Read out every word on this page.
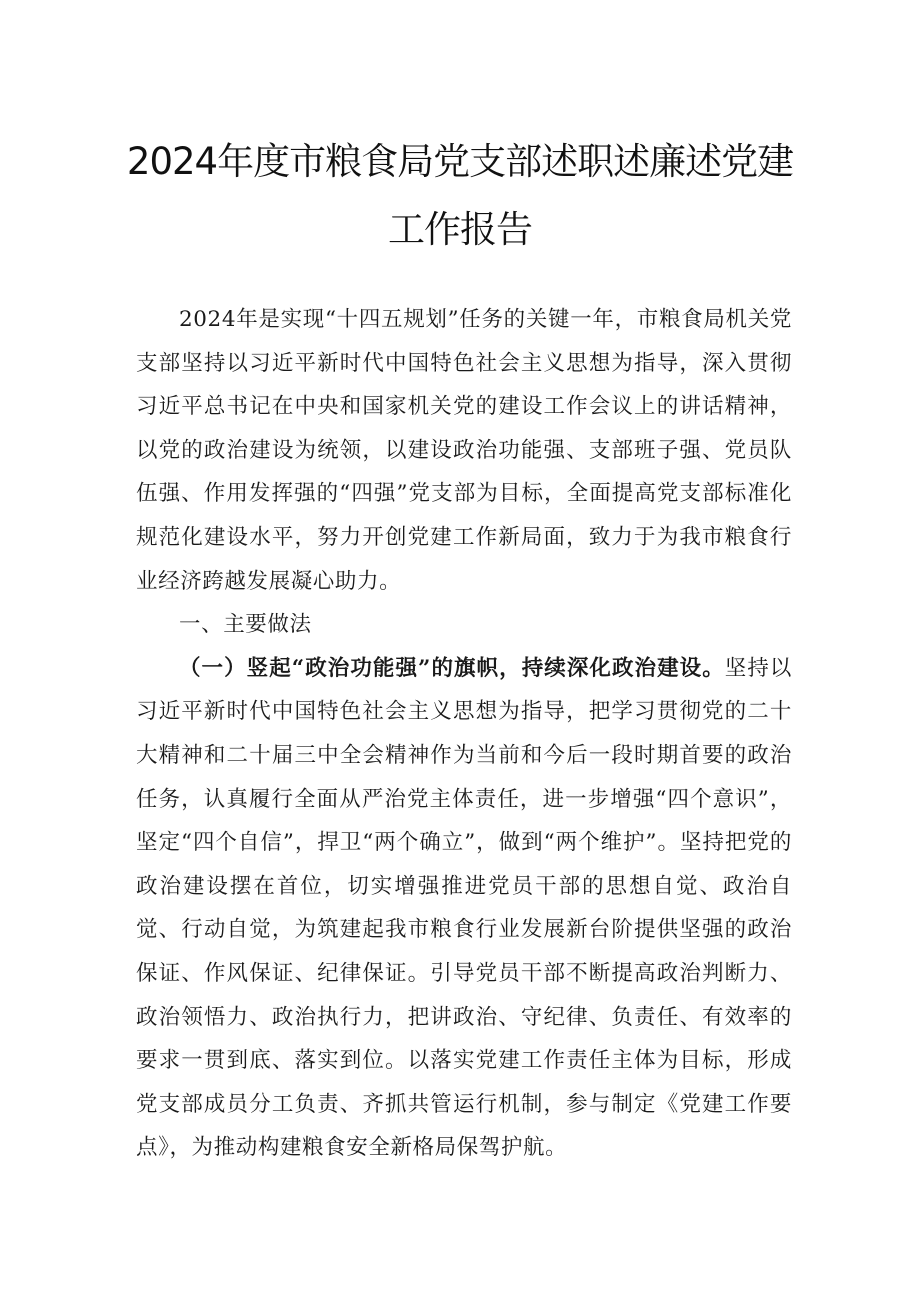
2024年度市粮食局党支部述职述廉述党建
工作报告

2024年是实现“十四五规划”任务的关键一年，市粮食局机关党支部坚持以习近平新时代中国特色社会主义思想为指导，深入贯彻习近平总书记在中央和国家机关党的建设工作会议上的讲话精神，以党的政治建设为统领，以建设政治功能强、支部班子强、党员队伍强、作用发挥强的“四强”党支部为目标，全面提高党支部标准化规范化建设水平，努力开创党建工作新局面，致力于为我市粮食行业经济跨越发展凝心助力。

一、主要做法

（一）竖起“政治功能强”的旗帜，持续深化政治建设。坚持以习近平新时代中国特色社会主义思想为指导，把学习贯彻党的二十大精神和二十届三中全会精神作为当前和今后一段时期首要的政治任务，认真履行全面从严治党主体责任，进一步增强“四个意识”，坚定“四个自信”，捍卫“两个确立”，做到“两个维护”。坚持把党的政治建设摆在首位，切实增强推进党员干部的思想自觉、政治自觉、行动自觉，为筑建起我市粮食行业发展新台阶提供坚强的政治保证、作风保证、纪律保证。引导党员干部不断提高政治判断力、政治领悟力、政治执行力，把讲政治、守纪律、负责任、有效率的要求一贯到底、落实到位。以落实党建工作责任主体为目标，形成党支部成员分工负责、齐抓共管运行机制，参与制定《党建工作要点》，为推动构建粮食安全新格局保驾护航。
